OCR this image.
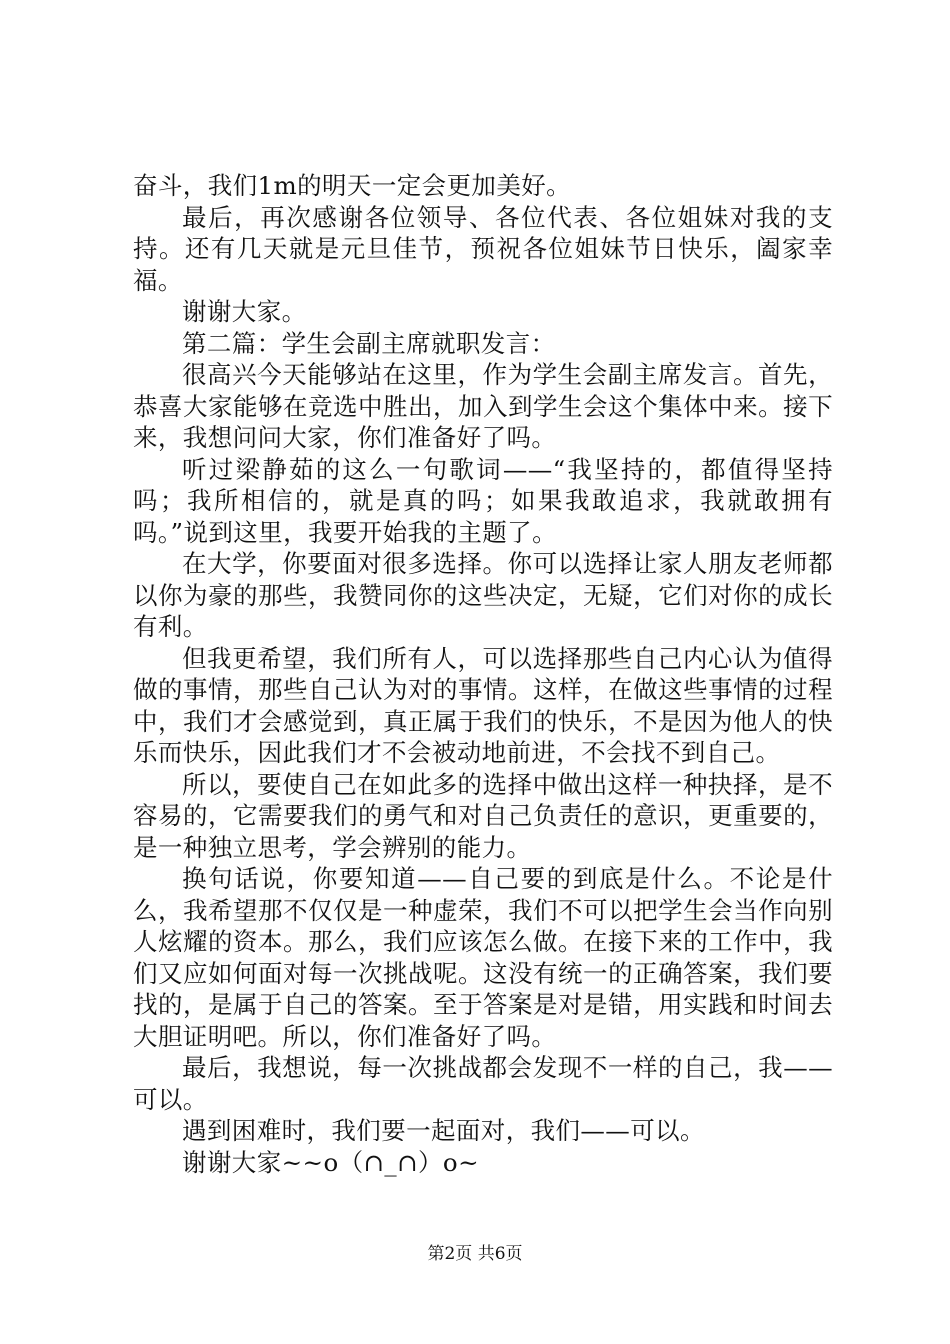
奋斗，我们1m的明天一定会更加美好。

最后，再次感谢各位领导、各位代表、各位姐妹对我的支持。还有几天就是元旦佳节，预祝各位姐妹节日快乐，阖家幸福。

谢谢大家。

第二篇：学生会副主席就职发言：

很高兴今天能够站在这里，作为学生会副主席发言。首先，恭喜大家能够在竞选中胜出，加入到学生会这个集体中来。接下来，我想问问大家，你们准备好了吗。

听过梁静茹的这么一句歌词——“我坚持的，都值得坚持吗；我所相信的，就是真的吗；如果我敢追求，我就敢拥有吗。”说到这里，我要开始我的主题了。

在大学，你要面对很多选择。你可以选择让家人朋友老师都以你为豪的那些，我赞同你的这些决定，无疑，它们对你的成长有利。

但我更希望，我们所有人，可以选择那些自己内心认为值得做的事情，那些自己认为对的事情。这样，在做这些事情的过程中，我们才会感觉到，真正属于我们的快乐，不是因为他人的快乐而快乐，因此我们才不会被动地前进，不会找不到自己。

所以，要使自己在如此多的选择中做出这样一种抉择，是不容易的，它需要我们的勇气和对自己负责任的意识，更重要的，是一种独立思考，学会辨别的能力。

换句话说，你要知道——自己要的到底是什么。不论是什么，我希望那不仅仅是一种虚荣，我们不可以把学生会当作向别人炫耀的资本。那么，我们应该怎么做。在接下来的工作中，我们又应如何面对每一次挑战呢。这没有统一的正确答案，我们要找的，是属于自己的答案。至于答案是对是错，用实践和时间去大胆证明吧。所以，你们准备好了吗。

最后，我想说，每一次挑战都会发现不一样的自己，我——可以。

遇到困难时，我们要一起面对，我们——可以。

谢谢大家~~o（∩_∩）o~

第2页 共6页
